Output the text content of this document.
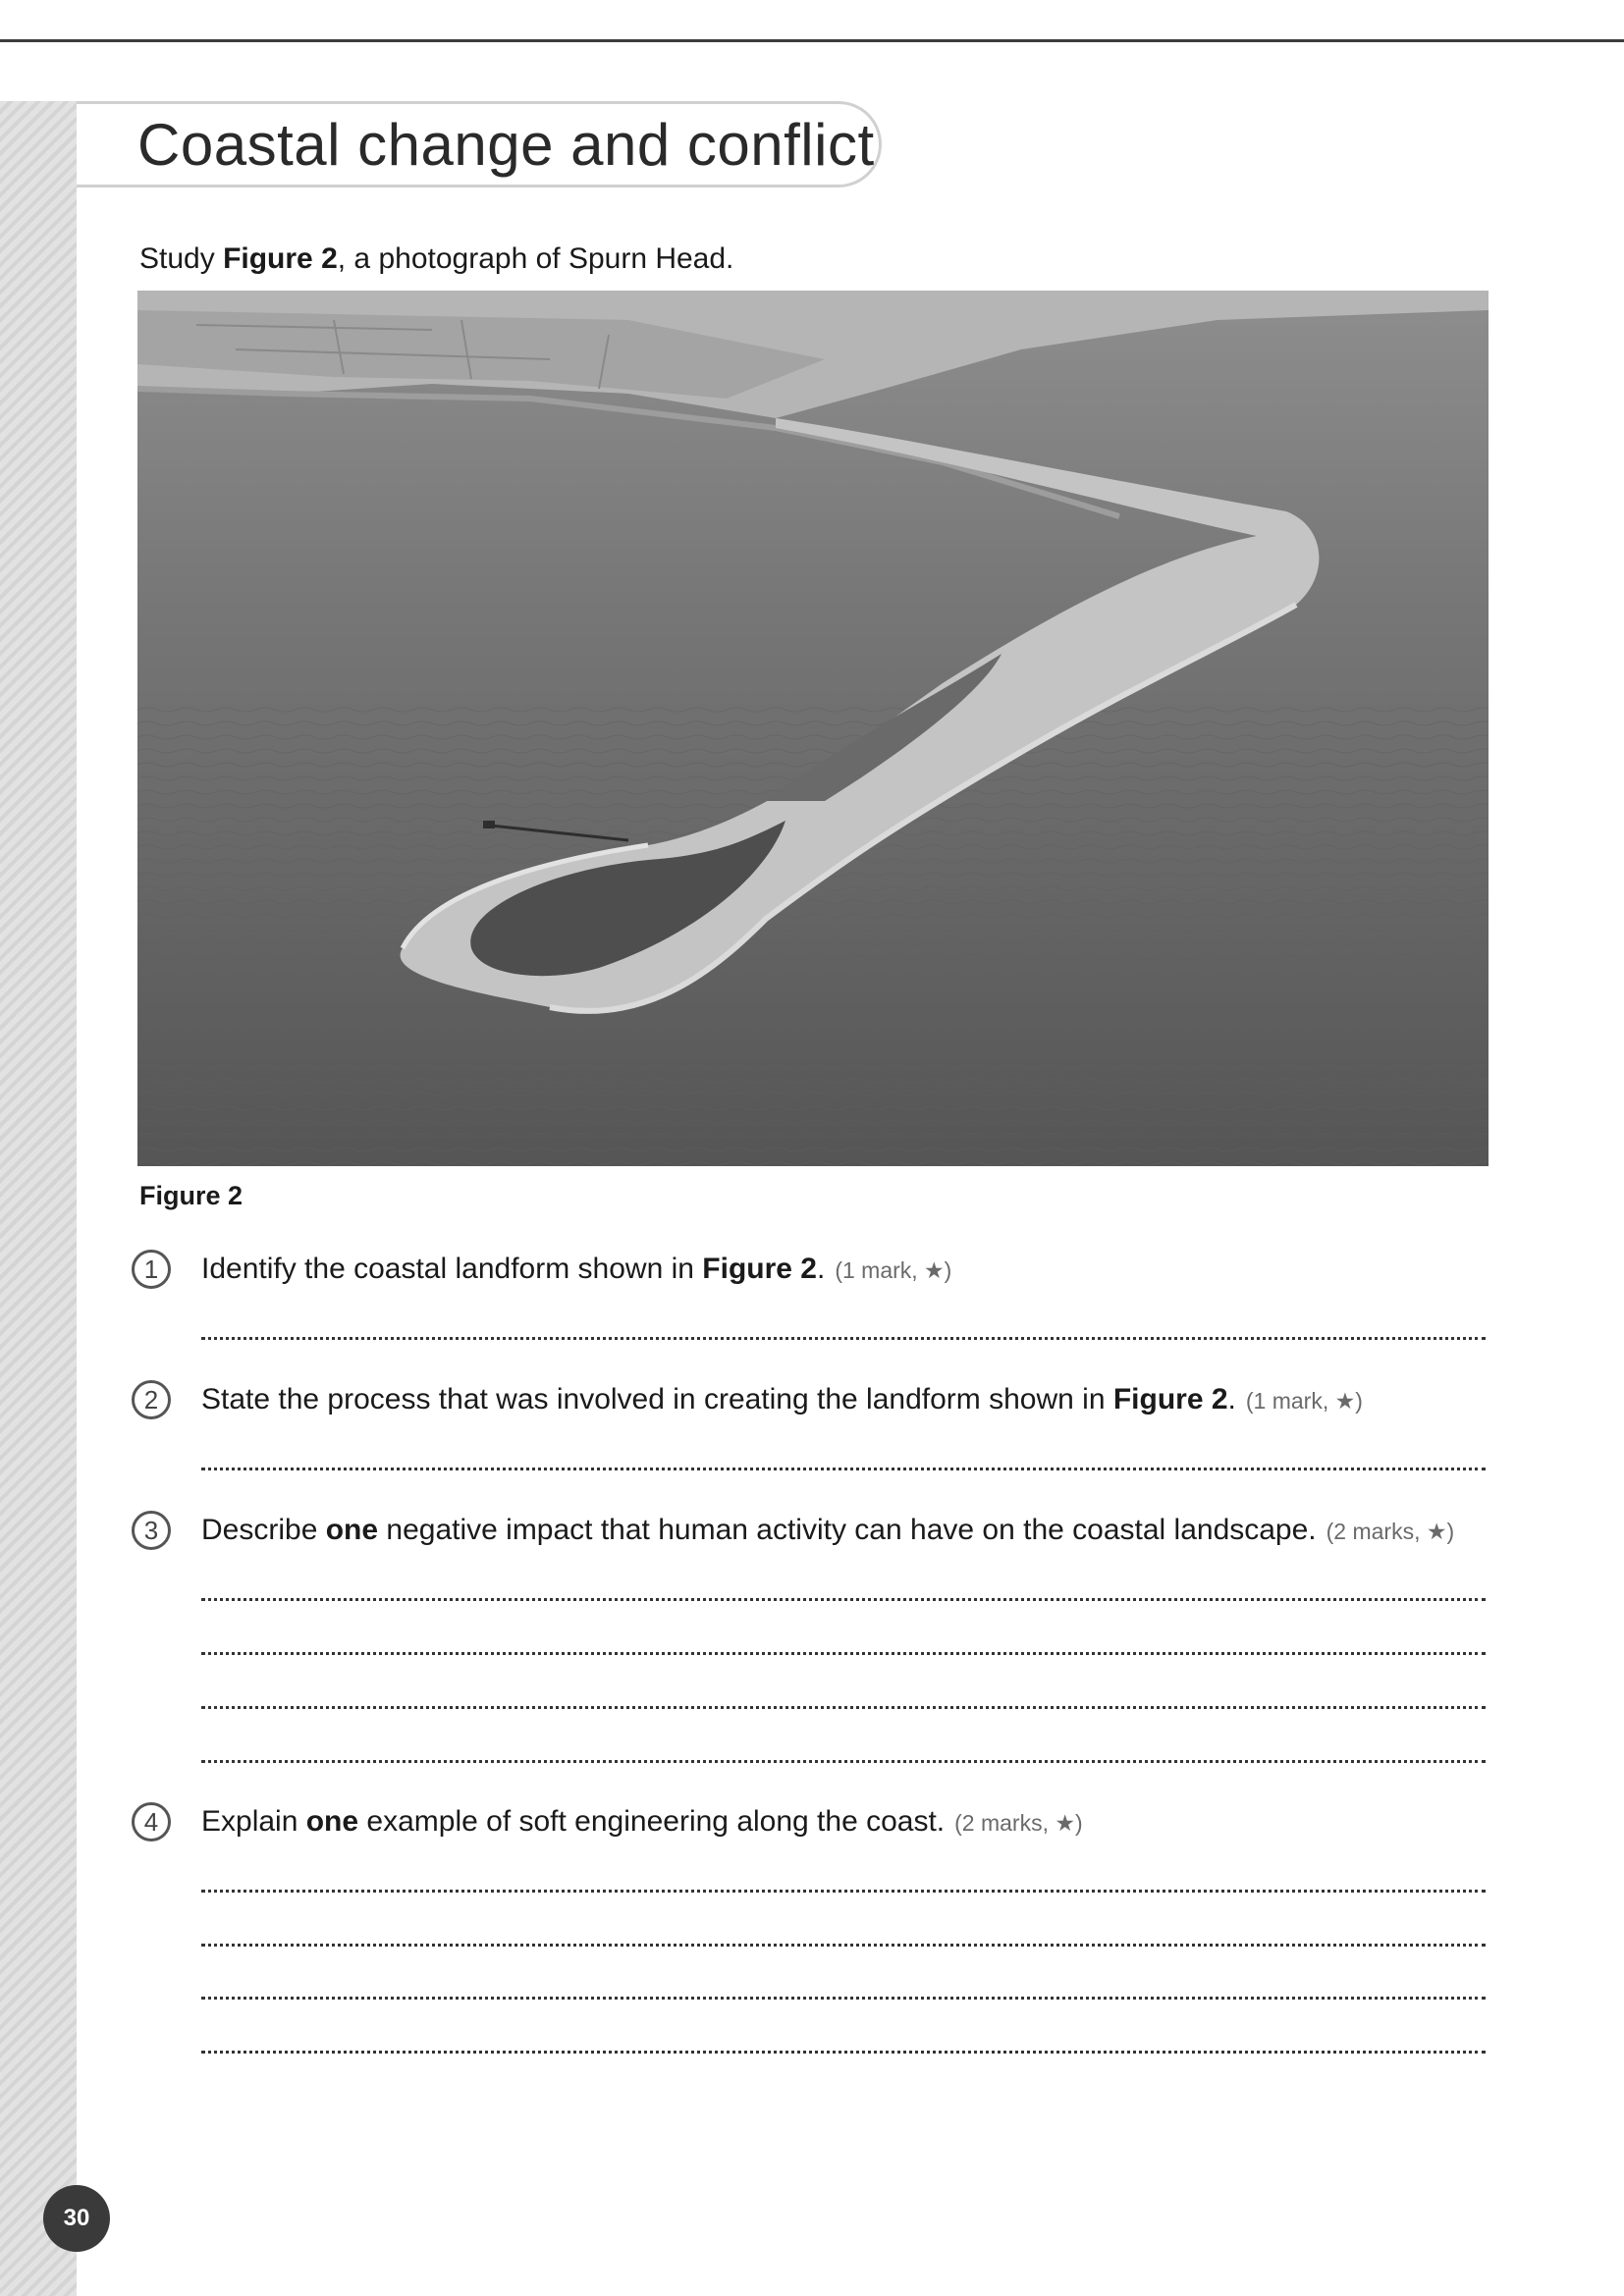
Coastal change and conflict
Study Figure 2, a photograph of Spurn Head.
Figure 2
1	Identify the coastal landform shown in Figure 2. (1 mark, ★)
2	State the process that was involved in creating the landform shown in Figure 2. (1 mark, ★)
3	Describe one negative impact that human activity can have on the coastal landscape. (2 marks, ★)
4	Explain one example of soft engineering along the coast. (2 marks, ★)
30
